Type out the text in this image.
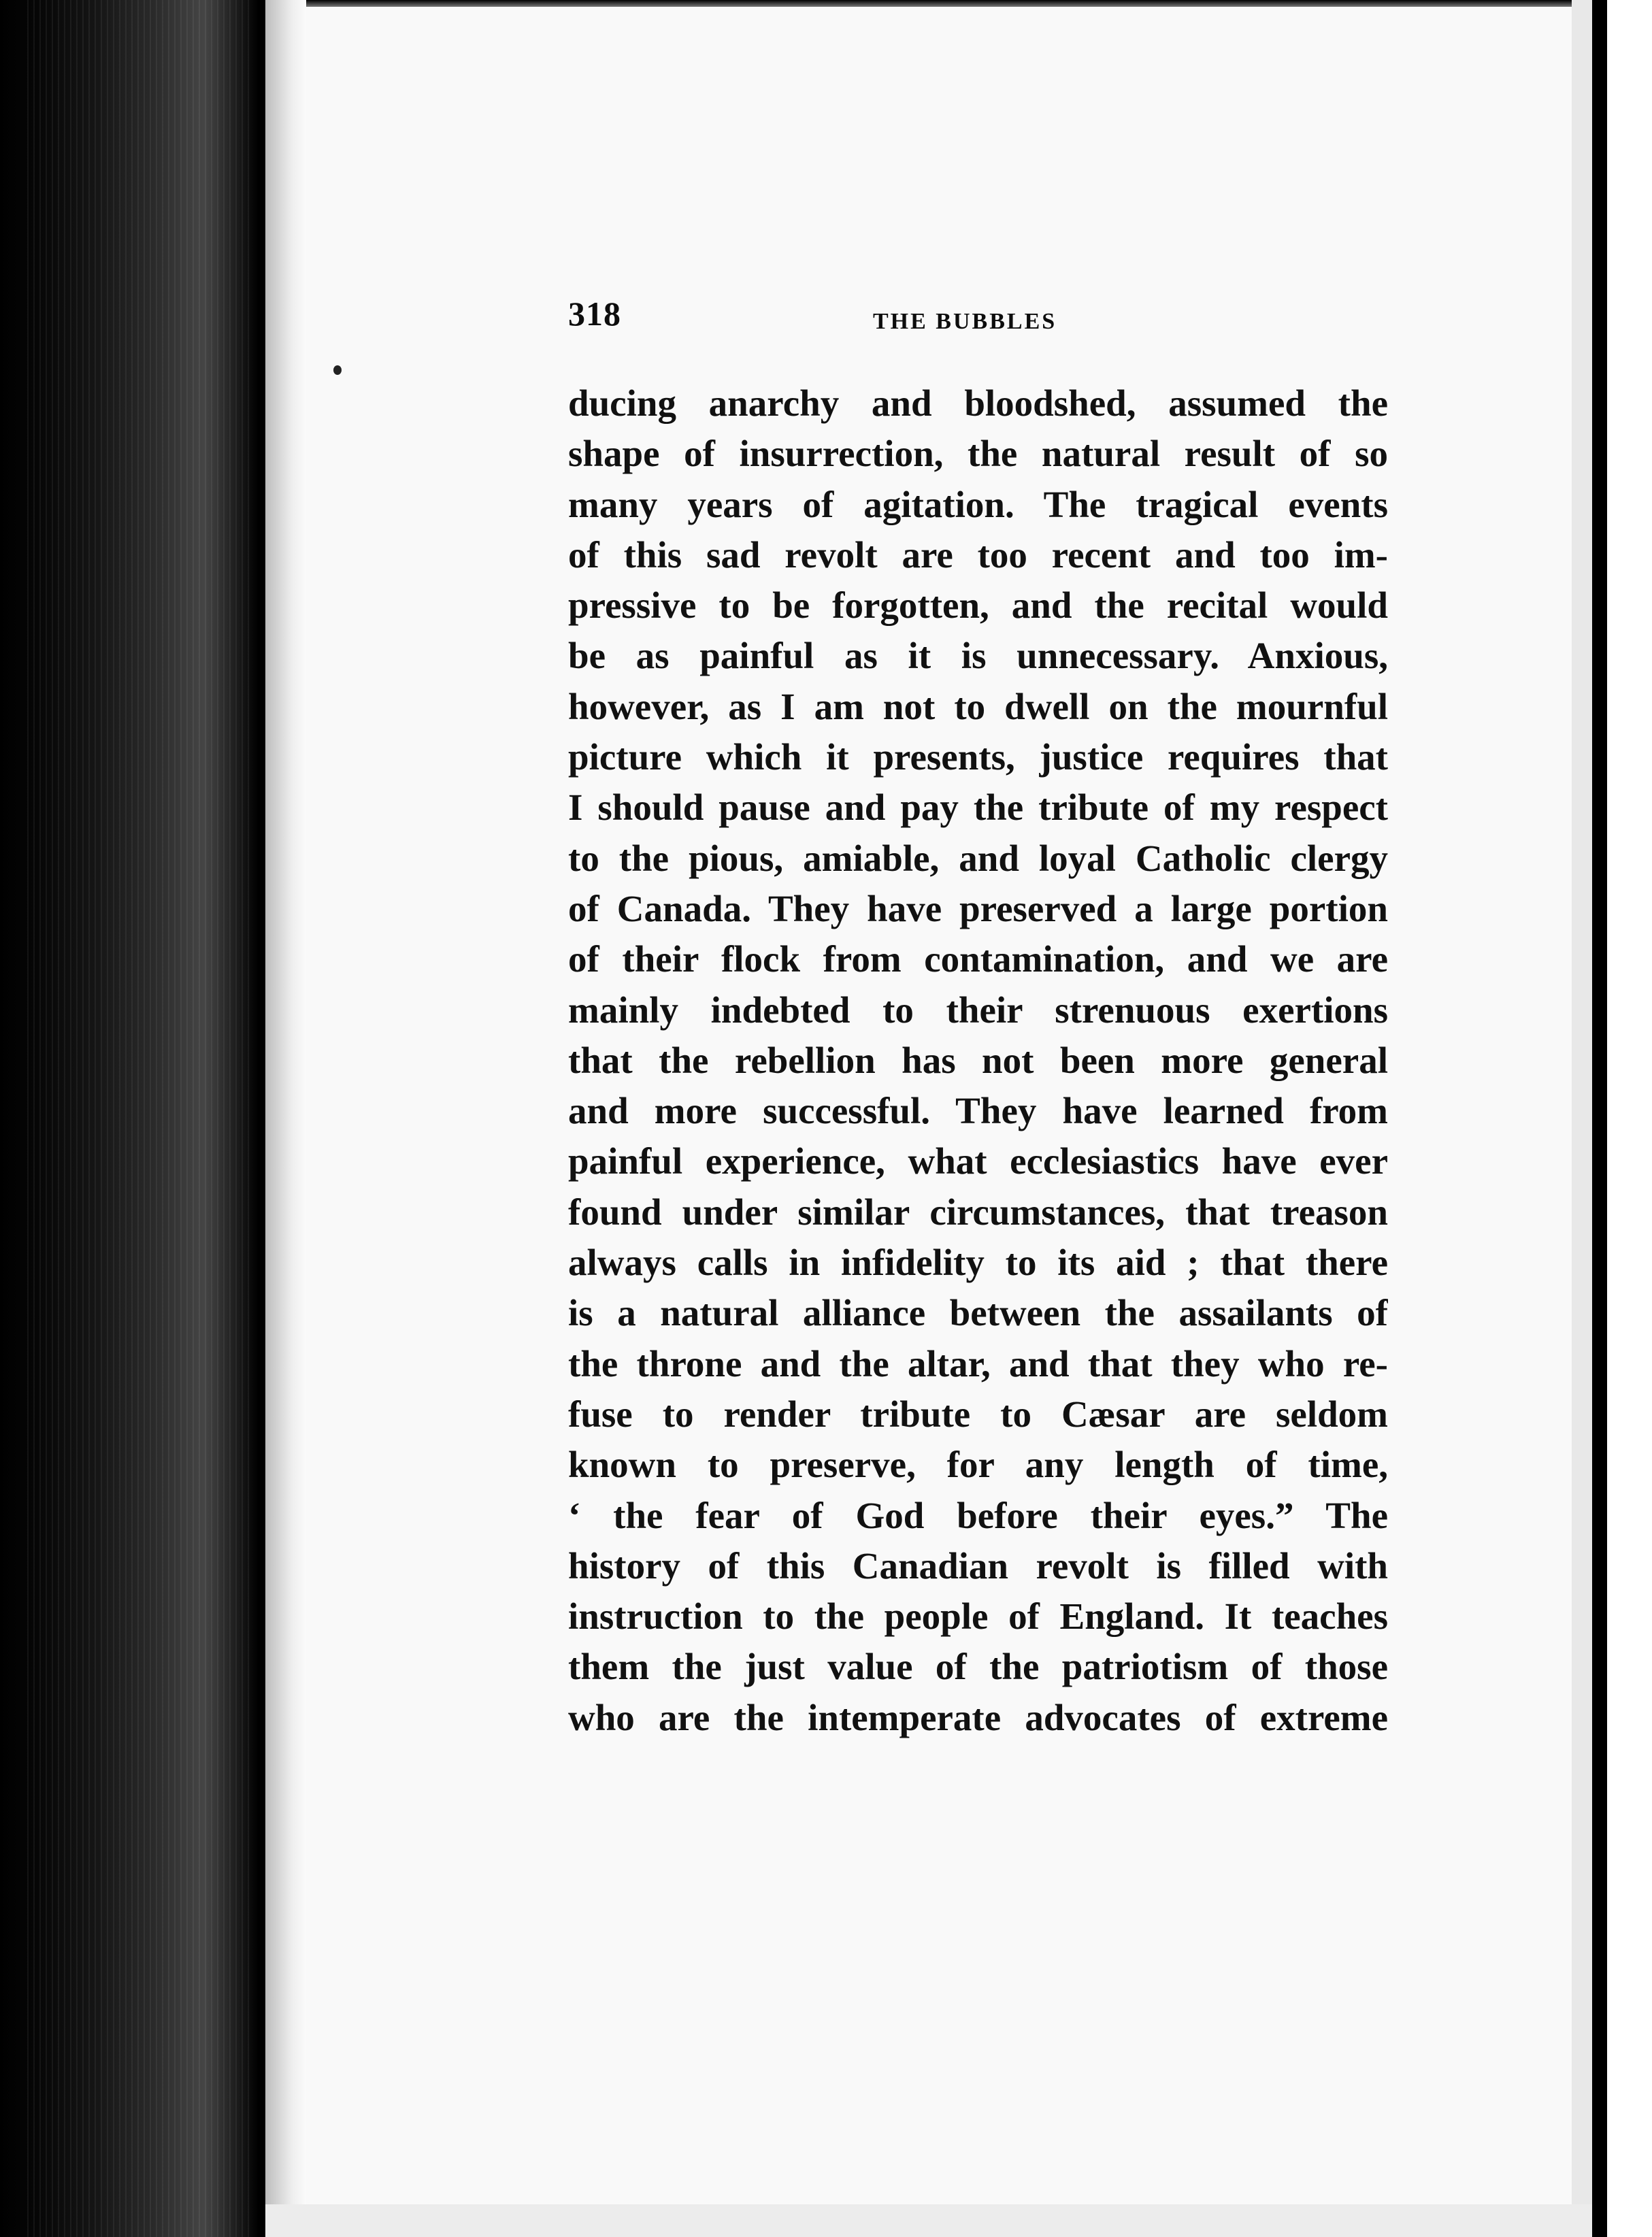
318	THE BUBBLES
ducing anarchy and bloodshed, assumed the
shape of insurrection, the natural result of so
many years of agitation. The tragical events
of this sad revolt are too recent and too im-
pressive to be forgotten, and the recital would
be as painful as it is unnecessary. Anxious,
however, as I am not to dwell on the mournful
picture which it presents, justice requires that
I should pause and pay the tribute of my respect
to the pious, amiable, and loyal Catholic clergy
of Canada. They have preserved a large portion
of their flock from contamination, and we are
mainly indebted to their strenuous exertions
that the rebellion has not been more general
and more successful. They have learned from
painful experience, what ecclesiastics have ever
found under similar circumstances, that treason
always calls in infidelity to its aid ; that there
is a natural alliance between the assailants of
the throne and the altar, and that they who re-
fuse to render tribute to Cæsar are seldom
known to preserve, for any length of time,
‘ the fear of God before their eyes.” The
history of this Canadian revolt is filled with
instruction to the people of England. It teaches
them the just value of the patriotism of those
who are the intemperate advocates of extreme
